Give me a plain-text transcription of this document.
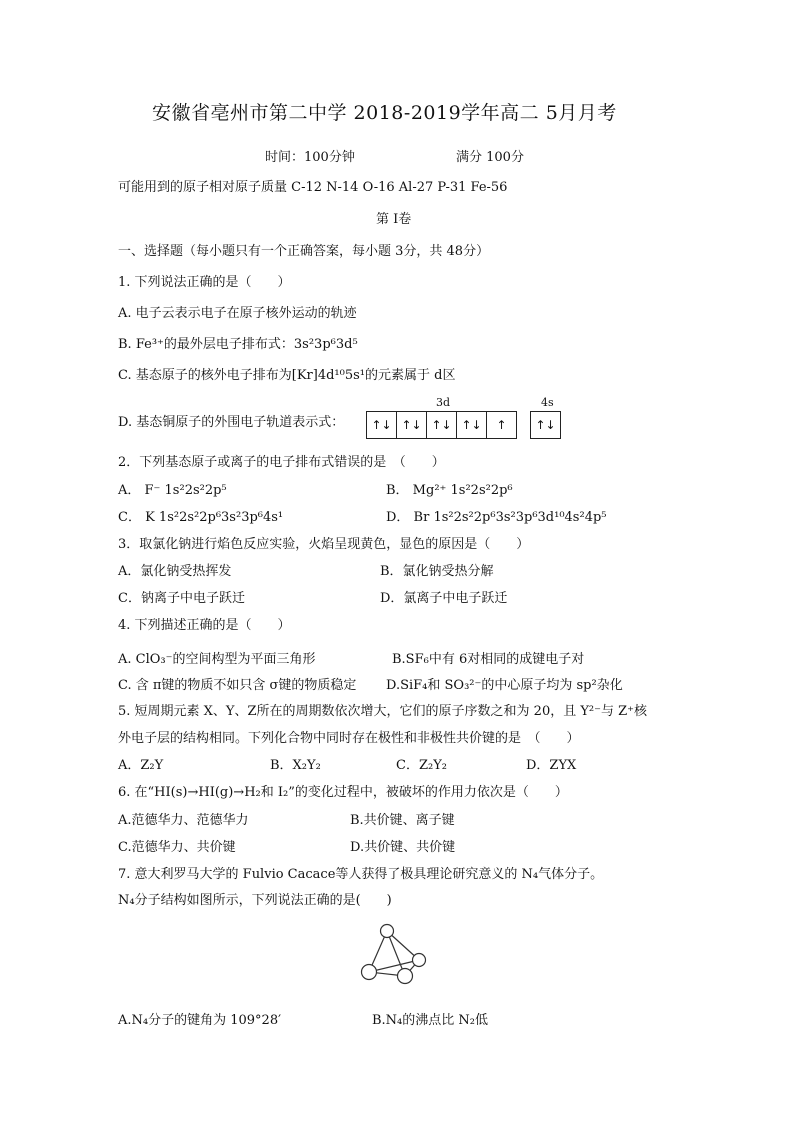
安徽省亳州市第二中学 2018-2019学年高二 5月月考
时间：100分钟	满分 100分
可能用到的原子相对原子质量 C-12 N-14 O-16 Al-27 P-31 Fe-56
第 I卷
一、选择题（每小题只有一个正确答案，每小题 3分，共 48分）
1. 下列说法正确的是（　　）
A. 电子云表示电子在原子核外运动的轨迹
B. Fe³⁺的最外层电子排布式：3s²3p⁶3d⁵
C. 基态原子的核外电子排布为[Kr]4d¹⁰5s¹的元素属于 d区
D. 基态铜原子的外围电子轨道表示式：
3d	4s
↑↓ ↑↓ ↑↓ ↑↓	↑	↑↓
2．下列基态原子或离子的电子排布式错误的是　（　　）
A． F⁻ 1s²2s²2p⁵	B． Mg²⁺ 1s²2s²2p⁶
C． K 1s²2s²2p⁶3s²3p⁶4s¹	D． Br 1s²2s²2p⁶3s²3p⁶3d¹⁰4s²4p⁵
3．取氯化钠进行焰色反应实验，火焰呈现黄色，显色的原因是（　　）
A．氯化钠受热挥发	B．氯化钠受热分解
C．钠离子中电子跃迁	D．氯离子中电子跃迁
4. 下列描述正确的是（　　）
A. ClO₃⁻的空间构型为平面三角形	B.SF₆中有 6对相同的成键电子对
C. 含 π键的物质不如只含 σ键的物质稳定 D.SiF₄和 SO₃²⁻的中心原子均为 sp²杂化
5. 短周期元素 X、Y、Z所在的周期数依次增大，它们的原子序数之和为 20，且 Y²⁻与 Z⁺核
外电子层的结构相同。下列化合物中同时存在极性和非极性共价键的是　（　　）
A．Z₂Y	B．X₂Y₂	C．Z₂Y₂	D．ZYX
6. 在“HI(s)→HI(g)→H₂和 I₂”的变化过程中，被破坏的作用力依次是（　　）
A.范德华力、范德华力	B.共价键、离子键
C.范德华力、共价键	D.共价键、共价键
7. 意大利罗马大学的 Fulvio Cacace等人获得了极具理论研究意义的 N₄气体分子。
N₄分子结构如图所示，下列说法正确的是(　　)
A.N₄分子的键角为 109°28′	B.N₄的沸点比 N₂低
